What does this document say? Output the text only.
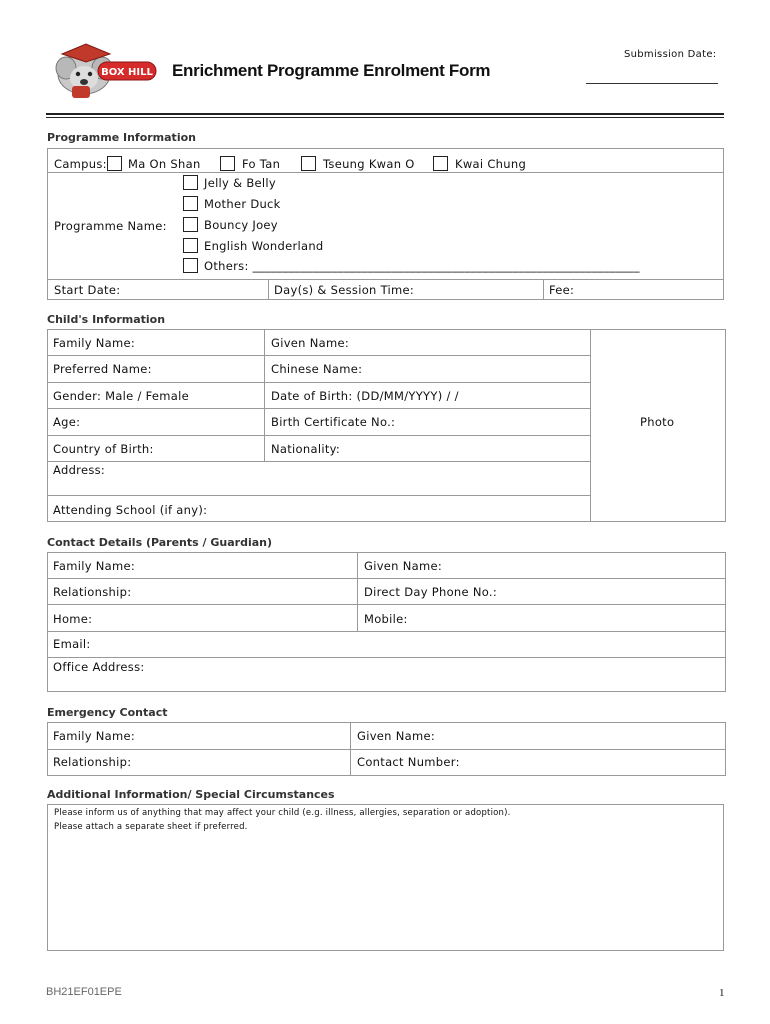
BOX HILL Enrichment Programme Enrolment Form
Submission Date:
Programme Information
Campus: Ma On Shan	Fo Tan	Tseung Kwan O	Kwai Chung
Programme Name:
Jelly & Belly
Mother Duck
Bouncy Joey
English Wonderland
Others: ________________________________________________________________
Start Date:	Day(s) & Session Time:	Fee:
Child's Information
Family Name:	Given Name:
Preferred Name:	Chinese Name:
Gender: Male / Female	Date of Birth: (DD/MM/YYYY) / /
Age:	Birth Certificate No.:
Country of Birth:	Nationality:
Address:
Attending School (if any):
Photo
Contact Details (Parents / Guardian)
Family Name:	Given Name:
Relationship:	Direct Day Phone No.:
Home:	Mobile:
Email:
Office Address:
Emergency Contact
Family Name:	Given Name:
Relationship:	Contact Number:
Additional Information/ Special Circumstances
Please inform us of anything that may affect your child (e.g. illness, allergies, separation or adoption).
Please attach a separate sheet if preferred.
BH21EF01EPE	1
